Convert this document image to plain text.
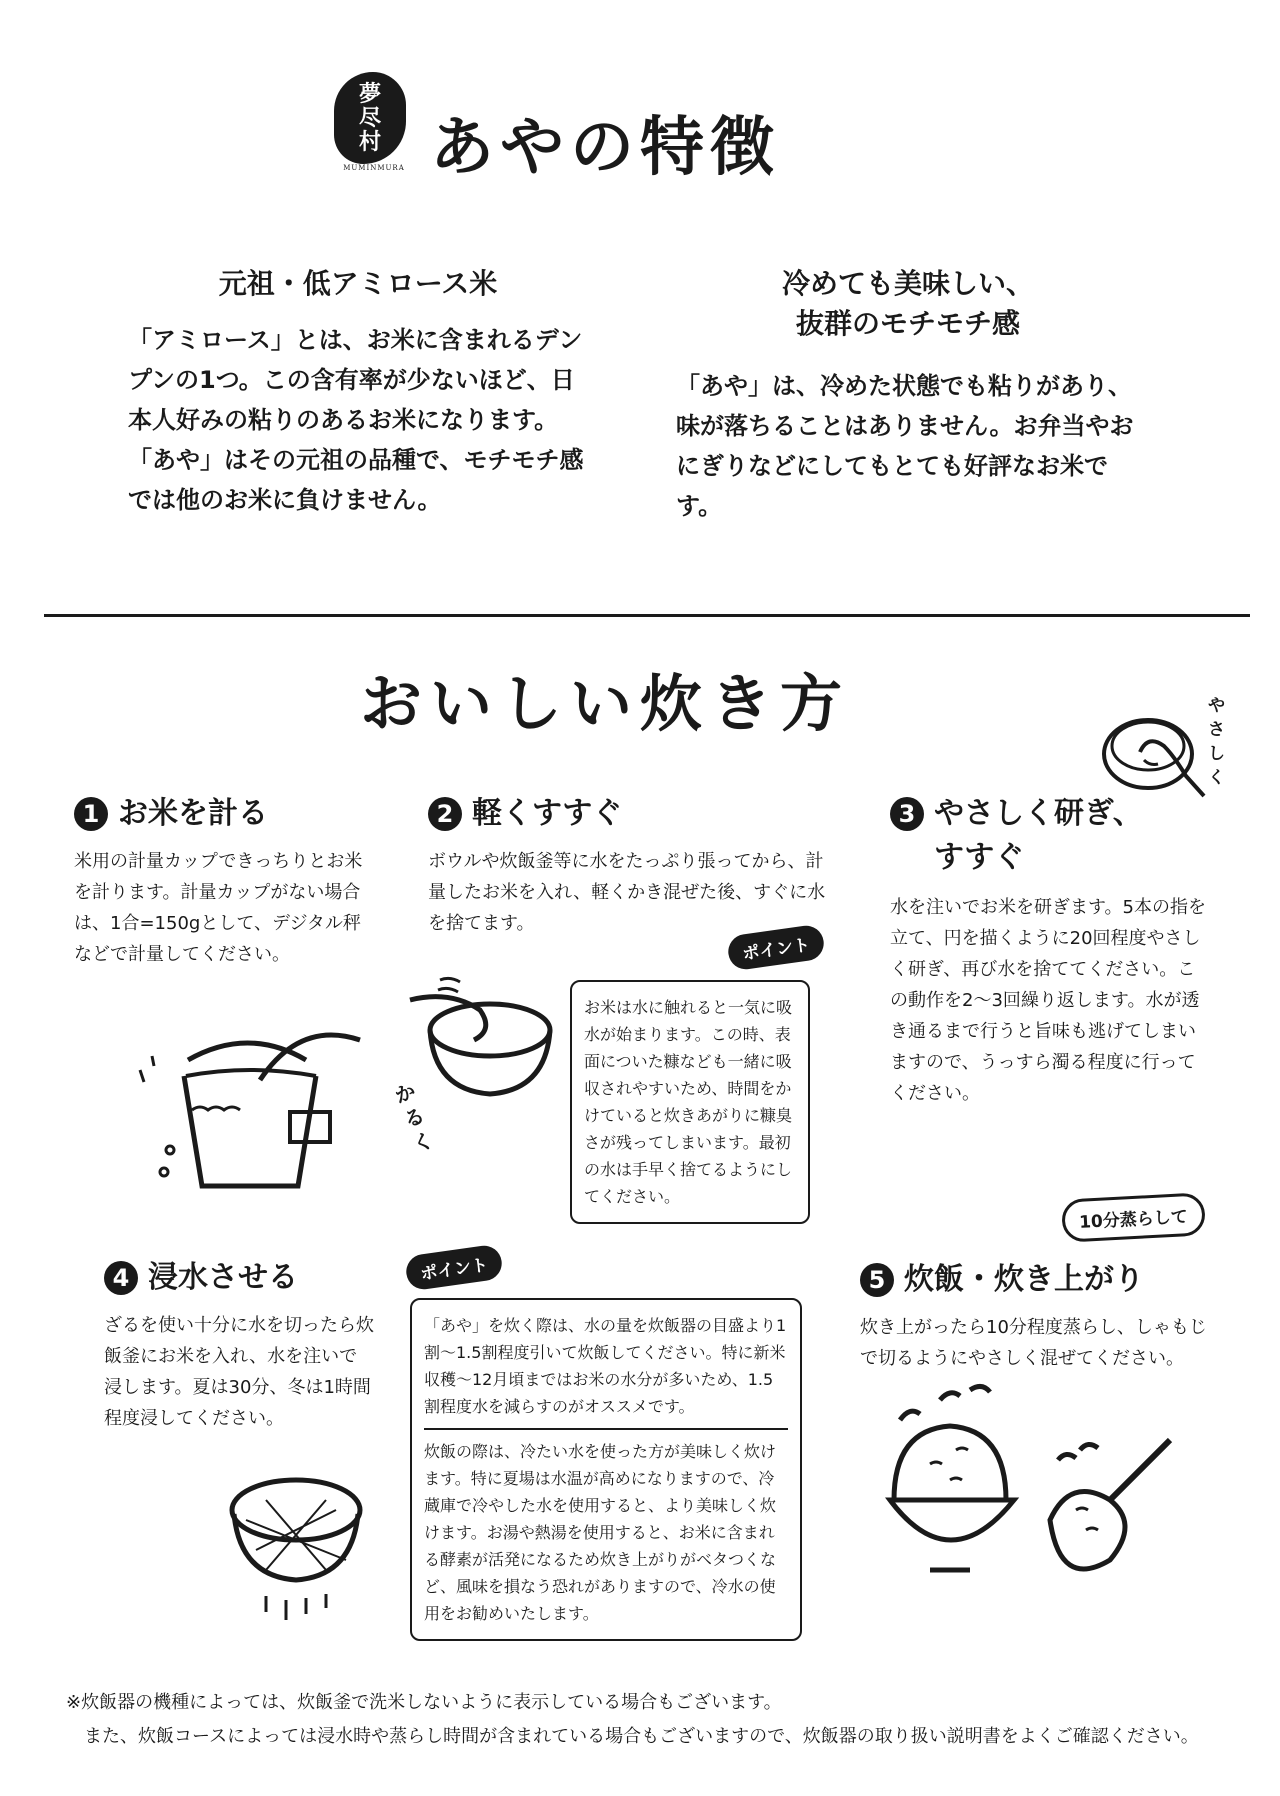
夢
尽
村
MUMINMURA あやの特徴
元祖・低アミロース米
「アミロース」とは、お米に含まれるデンプンの1つ。この含有率が少ないほど、日本人好みの粘りのあるお米になります。「あや」はその元祖の品種で、モチモチ感では他のお米に負けません。
冷めても美味しい、
抜群のモチモチ感
「あや」は、冷めた状態でも粘りがあり、味が落ちることはありません。お弁当やおにぎりなどにしてもとても好評なお米です。
おいしい炊き方	やさしく
1 お米を計る
米用の計量カップできっちりとお米を計ります。計量カップがない場合は、1合=150gとして、デジタル秤などで計量してください。
2 軽くすすぐ
ボウルや炊飯釜等に水をたっぷり張ってから、計量したお米を入れ、軽くかき混ぜた後、すぐに水を捨てます。
かるく
ポイント
お米は水に触れると一気に吸水が始まります。この時、表面についた糠なども一緒に吸収されやすいため、時間をかけていると炊きあがりに糠臭さが残ってしまいます。最初の水は手早く捨てるようにしてください。
3 やさしく研ぎ、
すすぐ
水を注いでお米を研ぎます。5本の指を立て、円を描くように20回程度やさしく研ぎ、再び水を捨ててください。この動作を2～3回繰り返します。水が透き通るまで行うと旨味も逃げてしまいますので、うっすら濁る程度に行ってください。
4 浸水させる
ざるを使い十分に水を切ったら炊飯釜にお米を入れ、水を注いで浸します。夏は30分、冬は1時間程度浸してください。
ポイント
「あや」を炊く際は、水の量を炊飯器の目盛より1割～1.5割程度引いて炊飯してください。特に新米収穫～12月頃まではお米の水分が多いため、1.5割程度水を減らすのがオススメです。
炊飯の際は、冷たい水を使った方が美味しく炊けます。特に夏場は水温が高めになりますので、冷蔵庫で冷やした水を使用すると、より美味しく炊けます。お湯や熱湯を使用すると、お米に含まれる酵素が活発になるため炊き上がりがベタつくなど、風味を損なう恐れがありますので、冷水の使用をお勧めいたします。
10分蒸らして
5 炊飯・炊き上がり
炊き上がったら10分程度蒸らし、しゃもじで切るようにやさしく混ぜてください。
※炊飯器の機種によっては、炊飯釜で洗米しないように表示している場合もございます。
また、炊飯コースによっては浸水時や蒸らし時間が含まれている場合もございますので、炊飯器の取り扱い説明書をよくご確認ください。
